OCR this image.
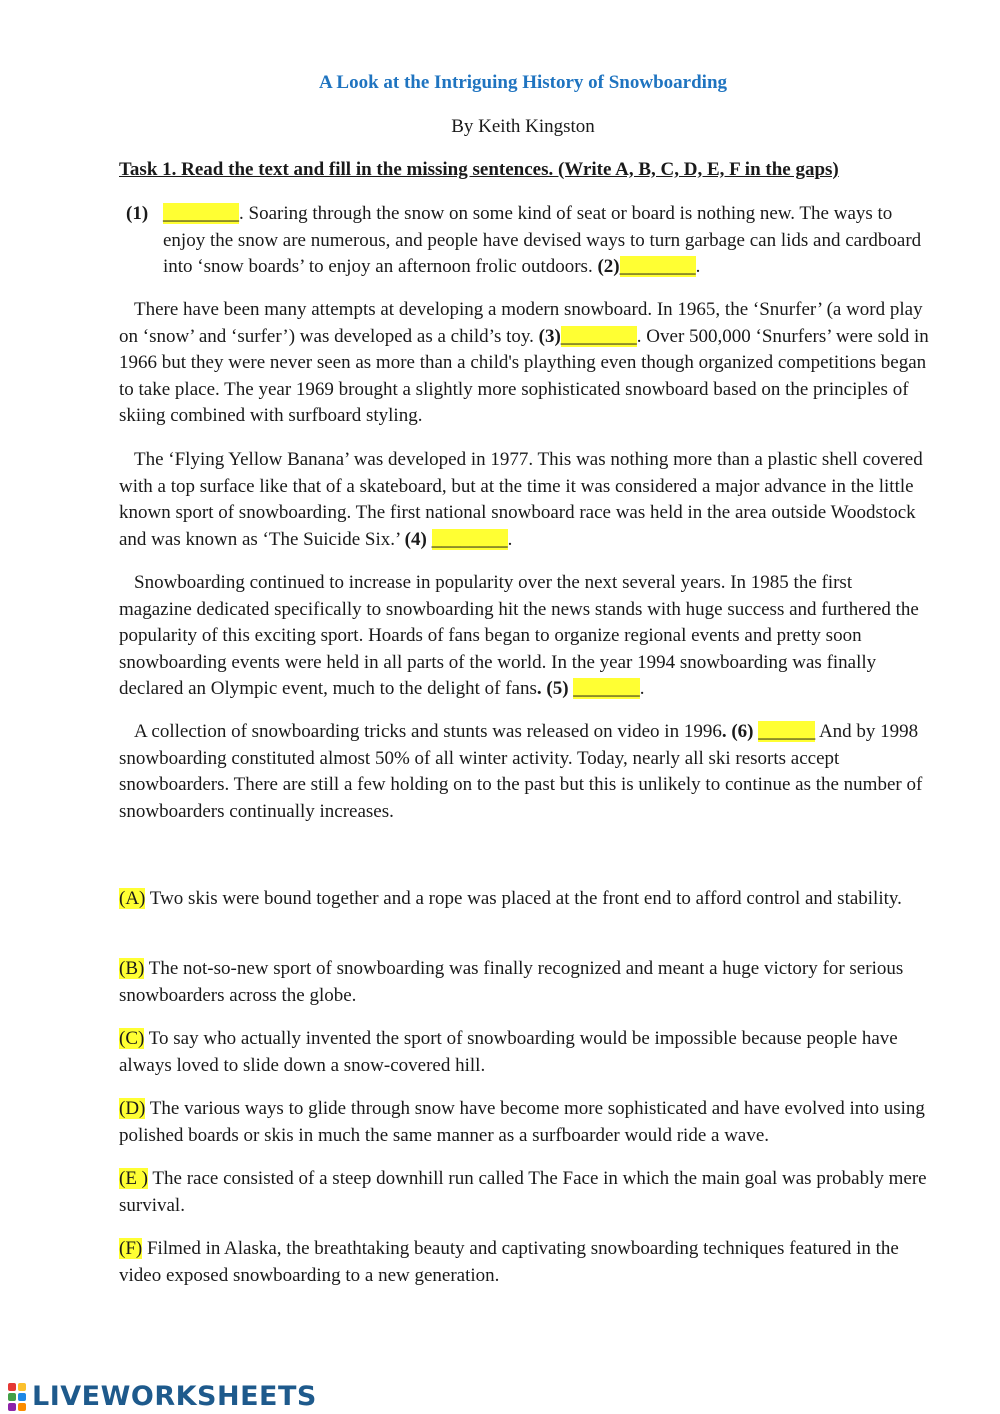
A Look at the Intriguing History of Snowboarding
By Keith Kingston
Task 1. Read the text and fill in the missing sentences. (Write A, B, C, D, E, F in the gaps)
(1) ________. Soaring through the snow on some kind of seat or board is nothing new. The ways to enjoy the snow are numerous, and people have devised ways to turn garbage can lids and cardboard into ‘snow boards’ to enjoy an afternoon frolic outdoors. (2)________.
There have been many attempts at developing a modern snowboard. In 1965, the ‘Snurfer’ (a word play on ‘snow’ and ‘surfer’) was developed as a child’s toy. (3)________. Over 500,000 ‘Snurfers’ were sold in 1966 but they were never seen as more than a child's plaything even though organized competitions began to take place. The year 1969 brought a slightly more sophisticated snowboard based on the principles of skiing combined with surfboard styling.
The ‘Flying Yellow Banana’ was developed in 1977. This was nothing more than a plastic shell covered with a top surface like that of a skateboard, but at the time it was considered a major advance in the little known sport of snowboarding. The first national snowboard race was held in the area outside Woodstock and was known as ‘The Suicide Six.’ (4) ________.
Snowboarding continued to increase in popularity over the next several years. In 1985 the first magazine dedicated specifically to snowboarding hit the news stands with huge success and furthered the popularity of this exciting sport. Hoards of fans began to organize regional events and pretty soon snowboarding events were held in all parts of the world. In the year 1994 snowboarding was finally declared an Olympic event, much to the delight of fans. (5) _______.
A collection of snowboarding tricks and stunts was released on video in 1996. (6) ______ And by 1998 snowboarding constituted almost 50% of all winter activity. Today, nearly all ski resorts accept snowboarders. There are still a few holding on to the past but this is unlikely to continue as the number of snowboarders continually increases.
(A) Two skis were bound together and a rope was placed at the front end to afford control and stability.
(B) The not-so-new sport of snowboarding was finally recognized and meant a huge victory for serious snowboarders across the globe.
(C) To say who actually invented the sport of snowboarding would be impossible because people have always loved to slide down a snow-covered hill.
(D) The various ways to glide through snow have become more sophisticated and have evolved into using polished boards or skis in much the same manner as a surfboarder would ride a wave.
(E ) The race consisted of a steep downhill run called The Face in which the main goal was probably mere survival.
(F) Filmed in Alaska, the breathtaking beauty and captivating snowboarding techniques featured in the video exposed snowboarding to a new generation.
LIVEWORKSHEETS
